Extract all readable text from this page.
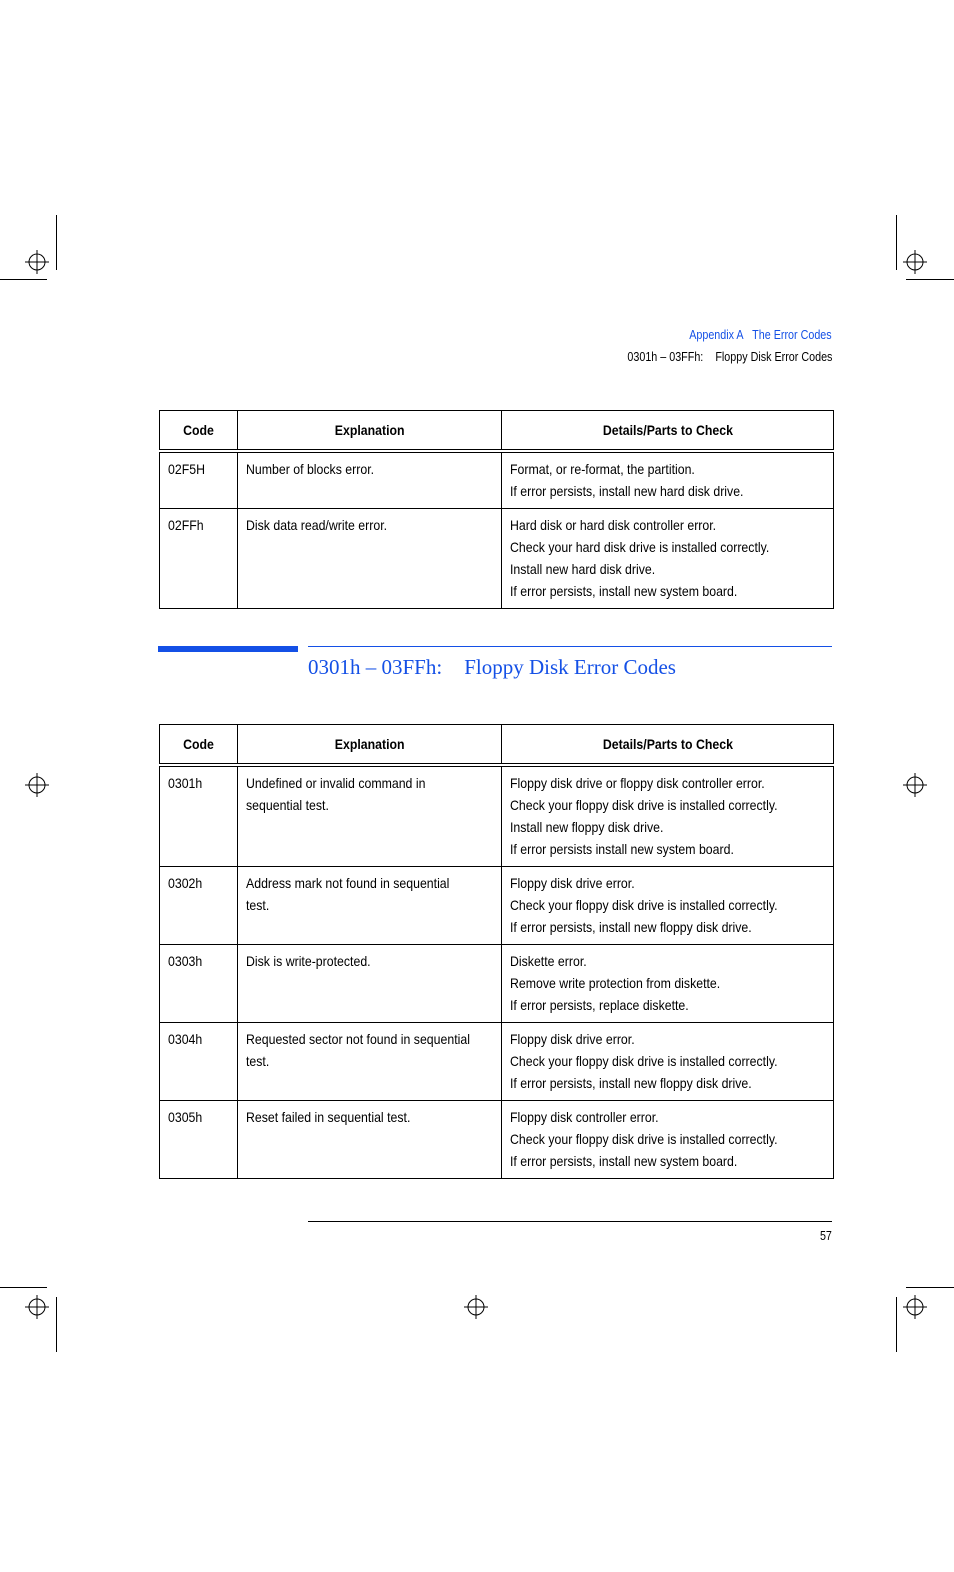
Appendix A The Error Codes
0301h – 03FFh: Floppy Disk Error Codes
Code	Explanation	Details/Parts to Check
02F5H	Number of blocks error.	Format, or re-format, the partition.
If error persists, install new hard disk drive.

02FFh	Disk data read/write error.	Hard disk or hard disk controller error.
Check your hard disk drive is installed correctly.
Install new hard disk drive.
If error persists, install new system board.
0301h – 03FFh: Floppy Disk Error Codes
Code	Explanation	Details/Parts to Check
0301h	Undefined or invalid command in
sequential test.	Floppy disk drive or floppy disk controller error.
Check your floppy disk drive is installed correctly.
Install new floppy disk drive.
If error persists install new system board.

0302h	Address mark not found in sequential
test.	Floppy disk drive error.
Check your floppy disk drive is installed correctly.
If error persists, install new floppy disk drive.

0303h	Disk is write-protected.	Diskette error.
Remove write protection from diskette.
If error persists, replace diskette.

0304h	Requested sector not found in sequential
test.	Floppy disk drive error.
Check your floppy disk drive is installed correctly.
If error persists, install new floppy disk drive.

0305h	Reset failed in sequential test.	Floppy disk controller error.
Check your floppy disk drive is installed correctly.
If error persists, install new system board.
57
